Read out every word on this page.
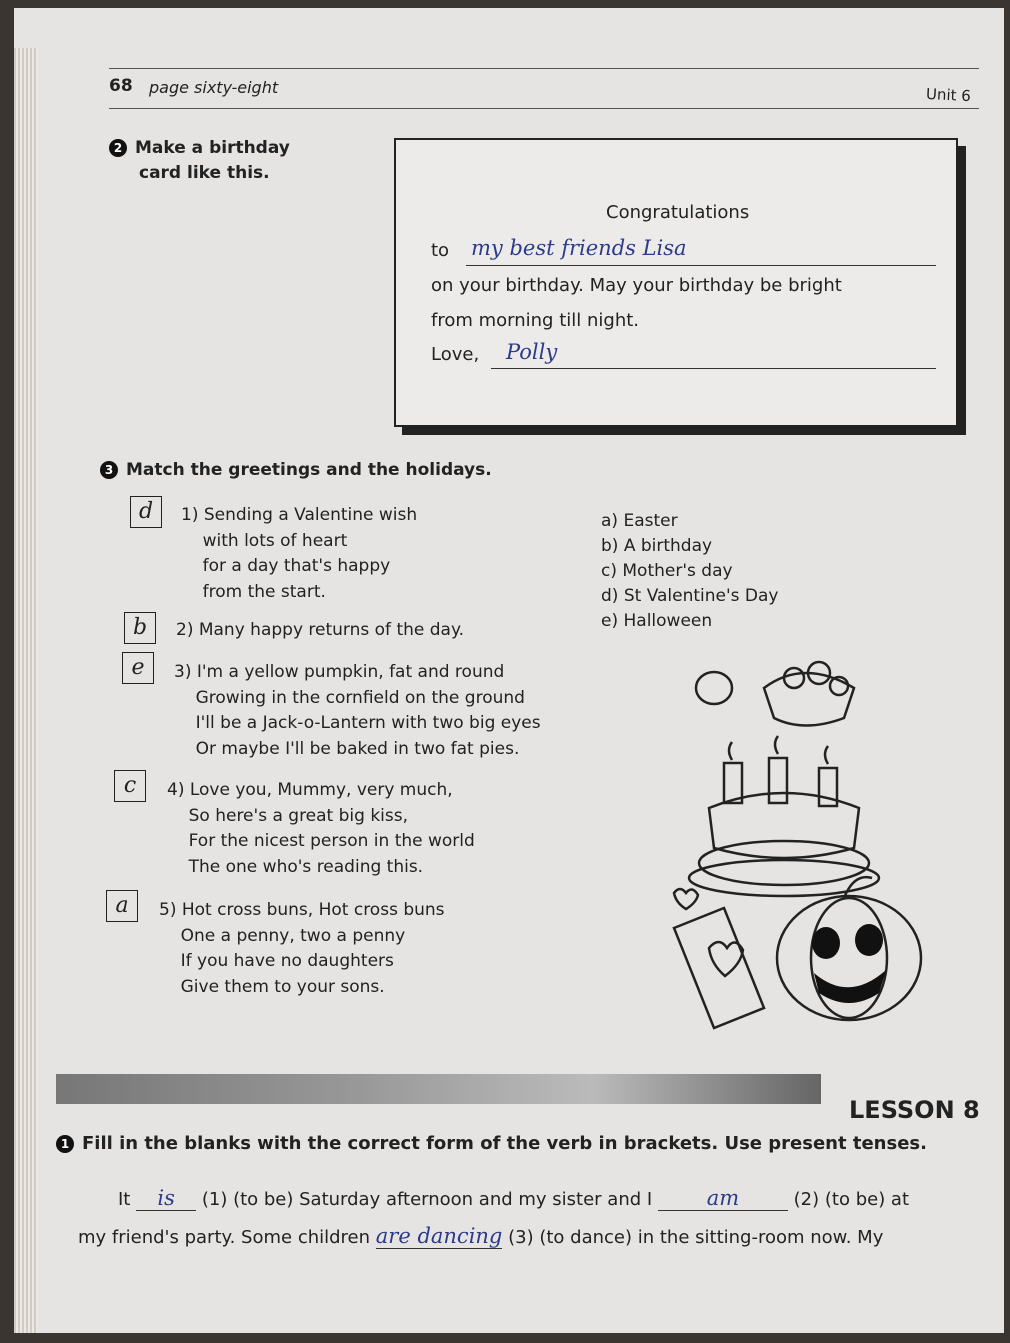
68 page sixty-eight	Unit 6
2 Make a birthday
card like this.
Congratulations
to my best friends Lisa
on your birthday. May your birthday be bright
from morning till night.
Love, Polly
3 Match the greetings and the holidays.
d	1) Sending a Valentine wish
with lots of heart
for a day that's happy
from the start.
b	2) Many happy returns of the day.
e	3) I'm a yellow pumpkin, fat and round
Growing in the cornfield on the ground
I'll be a Jack-o-Lantern with two big eyes
Or maybe I'll be baked in two fat pies.
c	4) Love you, Mummy, very much,
So here's a great big kiss,
For the nicest person in the world
The one who's reading this.
a	5) Hot cross buns, Hot cross buns
One a penny, two a penny
If you have no daughters
Give them to your sons.
a) Easter
b) A birthday
c) Mother's day
d) St Valentine's Day
e) Halloween
LESSON 8
1 Fill in the blanks with the correct form of the verb in brackets. Use present tenses.
It is (1) (to be) Saturday afternoon and my sister and I	am	(2) (to be) at
my friend's party. Some children are dancing (3) (to dance) in the sitting-room now. My
